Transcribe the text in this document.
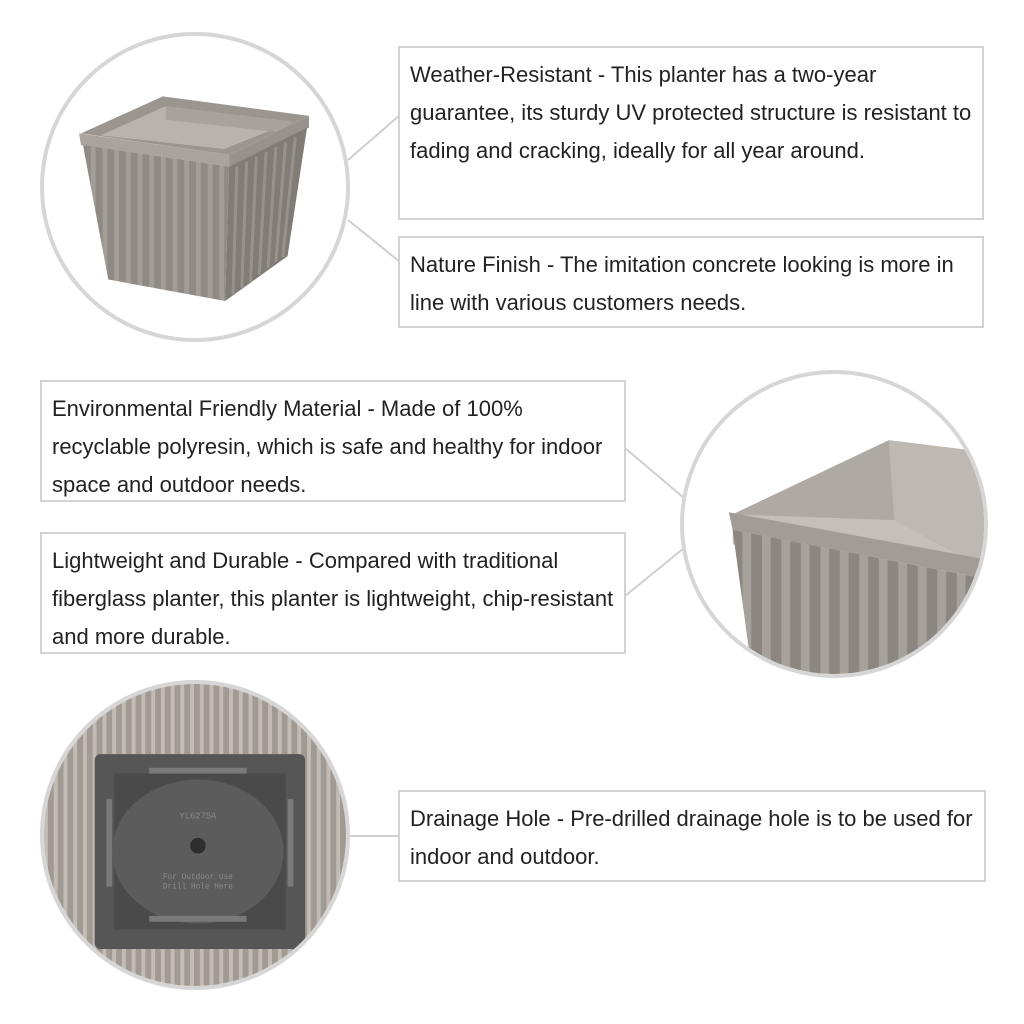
Weather-Resistant - This planter has a two-year guarantee, its sturdy UV protected structure is resistant to fading and cracking, ideally for all year around.
Nature Finish - The imitation concrete looking is more in line with various customers needs.
Environmental Friendly Material - Made of 100% recyclable polyresin, which is safe and healthy for indoor space and outdoor needs.
Lightweight and Durable - Compared with traditional fiberglass planter, this planter is lightweight, chip-resistant and more durable.
YL6275A
For Outdoor Use
Drill Hole Here
Drainage Hole - Pre-drilled drainage hole is to be used for indoor and outdoor.
